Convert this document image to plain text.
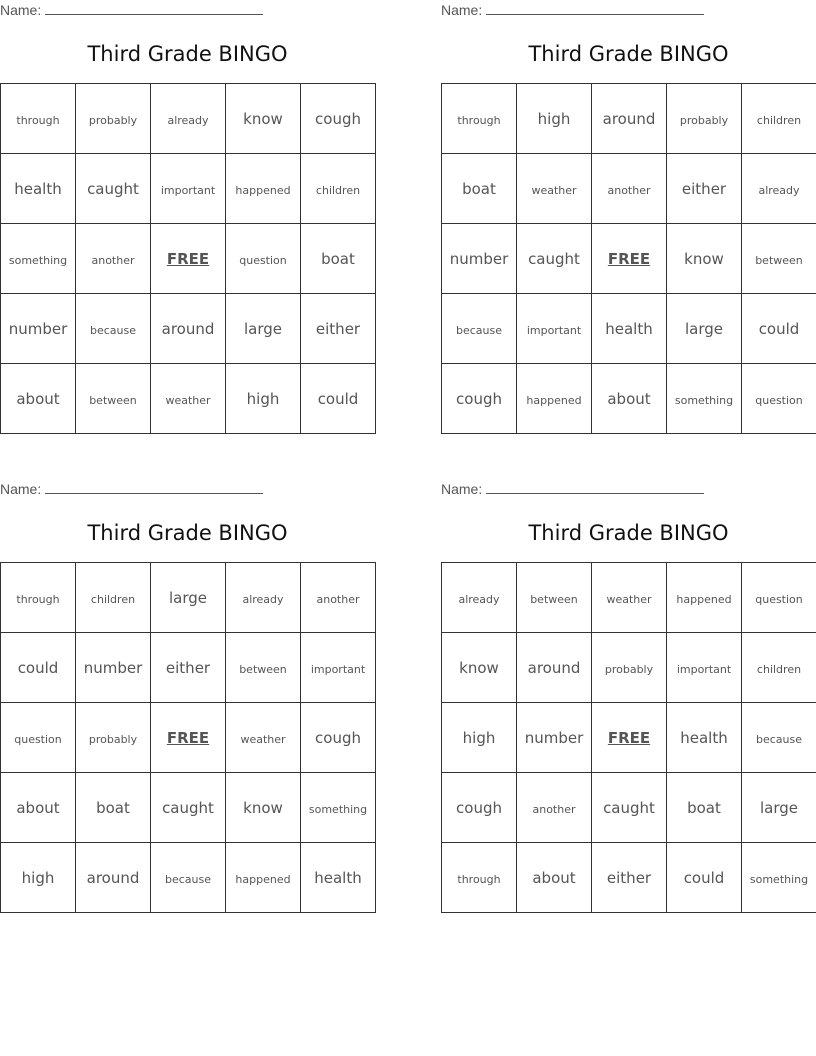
Name:
Third Grade BINGO
through	probably	already	know	cough
health	caught	important	happened	children
something	another	FREE	question	boat
number	because	around	large	either
about	between	weather	high	could
Name:
Third Grade BINGO
through	high	around	probably	children
boat	weather	another	either	already
number	caught	FREE	know	between
because	important	health	large	could
cough	happened	about	something	question
Name:
Third Grade BINGO
through	children	large	already	another
could	number	either	between	important
question	probably	FREE	weather	cough
about	boat	caught	know	something
high	around	because	happened	health
Name:
Third Grade BINGO
already	between	weather	happened	question
know	around	probably	important	children
high	number	FREE	health	because
cough	another	caught	boat	large
through	about	either	could	something
